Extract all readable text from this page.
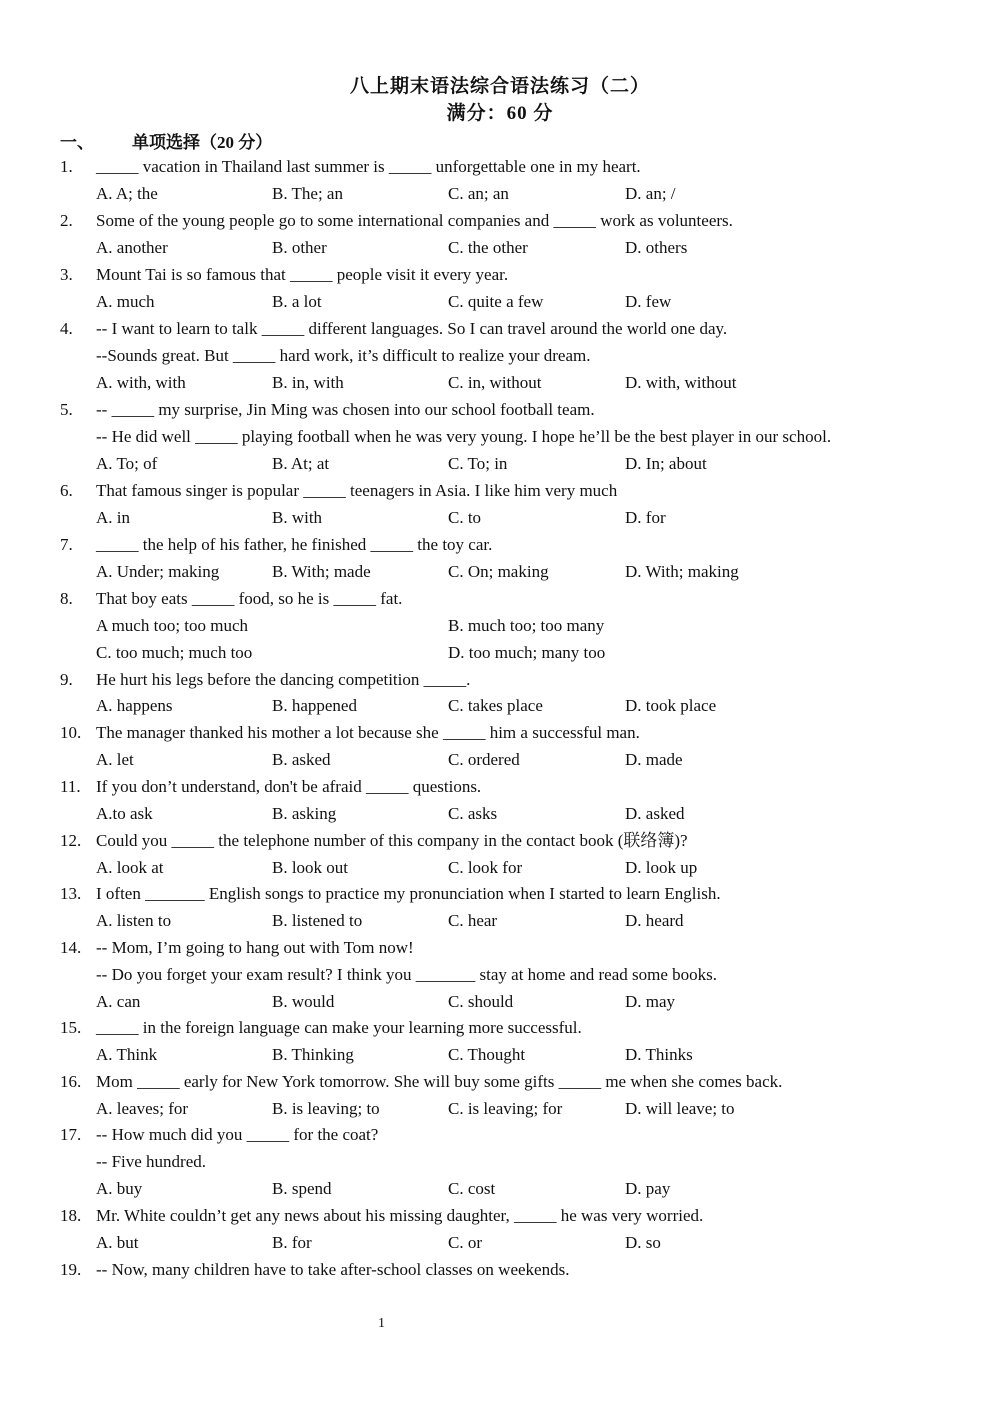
八上期末语法综合语法练习（二）
满分：60 分
一、 单项选择（20 分）
1. _____ vacation in Thailand last summer is _____ unforgettable one in my heart.
A. A; the	B. The; an	C. an; an	D. an; /
2. Some of the young people go to some international companies and _____ work as volunteers.
A. another	B. other	C. the other	D. others
3. Mount Tai is so famous that _____ people visit it every year.
A. much	B. a lot	C. quite a few	D. few
4. -- I want to learn to talk _____ different languages. So I can travel around the world one day.
--Sounds great. But _____ hard work, it’s difficult to realize your dream.
A. with, with	B. in, with	C. in, without	D. with, without
5. -- _____ my surprise, Jin Ming was chosen into our school football team.
-- He did well _____ playing football when he was very young. I hope he’ll be the best player in our school.
A. To; of	B. At; at	C. To; in	D. In; about
6. That famous singer is popular _____ teenagers in Asia. I like him very much
A. in	B. with	C. to	D. for
7. _____ the help of his father, he finished _____ the toy car.
A. Under; making	B. With; made	C. On; making	D. With; making
8. That boy eats _____ food, so he is _____ fat.
A much too; too much	B. much too; too many
C. too much; much too	D. too much; many too
9. He hurt his legs before the dancing competition _____.
A. happens	B. happened	C. takes place	D. took place
10. The manager thanked his mother a lot because she _____ him a successful man.
A. let	B. asked	C. ordered	D. made
11. If you don’t understand, don't be afraid _____ questions.
A.to ask	B. asking	C. asks	D. asked
12. Could you _____ the telephone number of this company in the contact book (联络簿)?
A. look at	B. look out	C. look for	D. look up
13. I often _______ English songs to practice my pronunciation when I started to learn English.
A. listen to	B. listened to	C. hear	D. heard
14. -- Mom, I’m going to hang out with Tom now!
-- Do you forget your exam result? I think you _______ stay at home and read some books.
A. can	B. would	C. should	D. may
15. _____ in the foreign language can make your learning more successful.
A. Think	B. Thinking	C. Thought	D. Thinks
16. Mom _____ early for New York tomorrow. She will buy some gifts _____ me when she comes back.
A. leaves; for	B. is leaving; to	C. is leaving; for	D. will leave; to
17. -- How much did you _____ for the coat?
-- Five hundred.
A. buy	B. spend	C. cost	D. pay
18. Mr. White couldn’t get any news about his missing daughter, _____ he was very worried.
A. but	B. for	C. or	D. so
19. -- Now, many children have to take after-school classes on weekends.
1
